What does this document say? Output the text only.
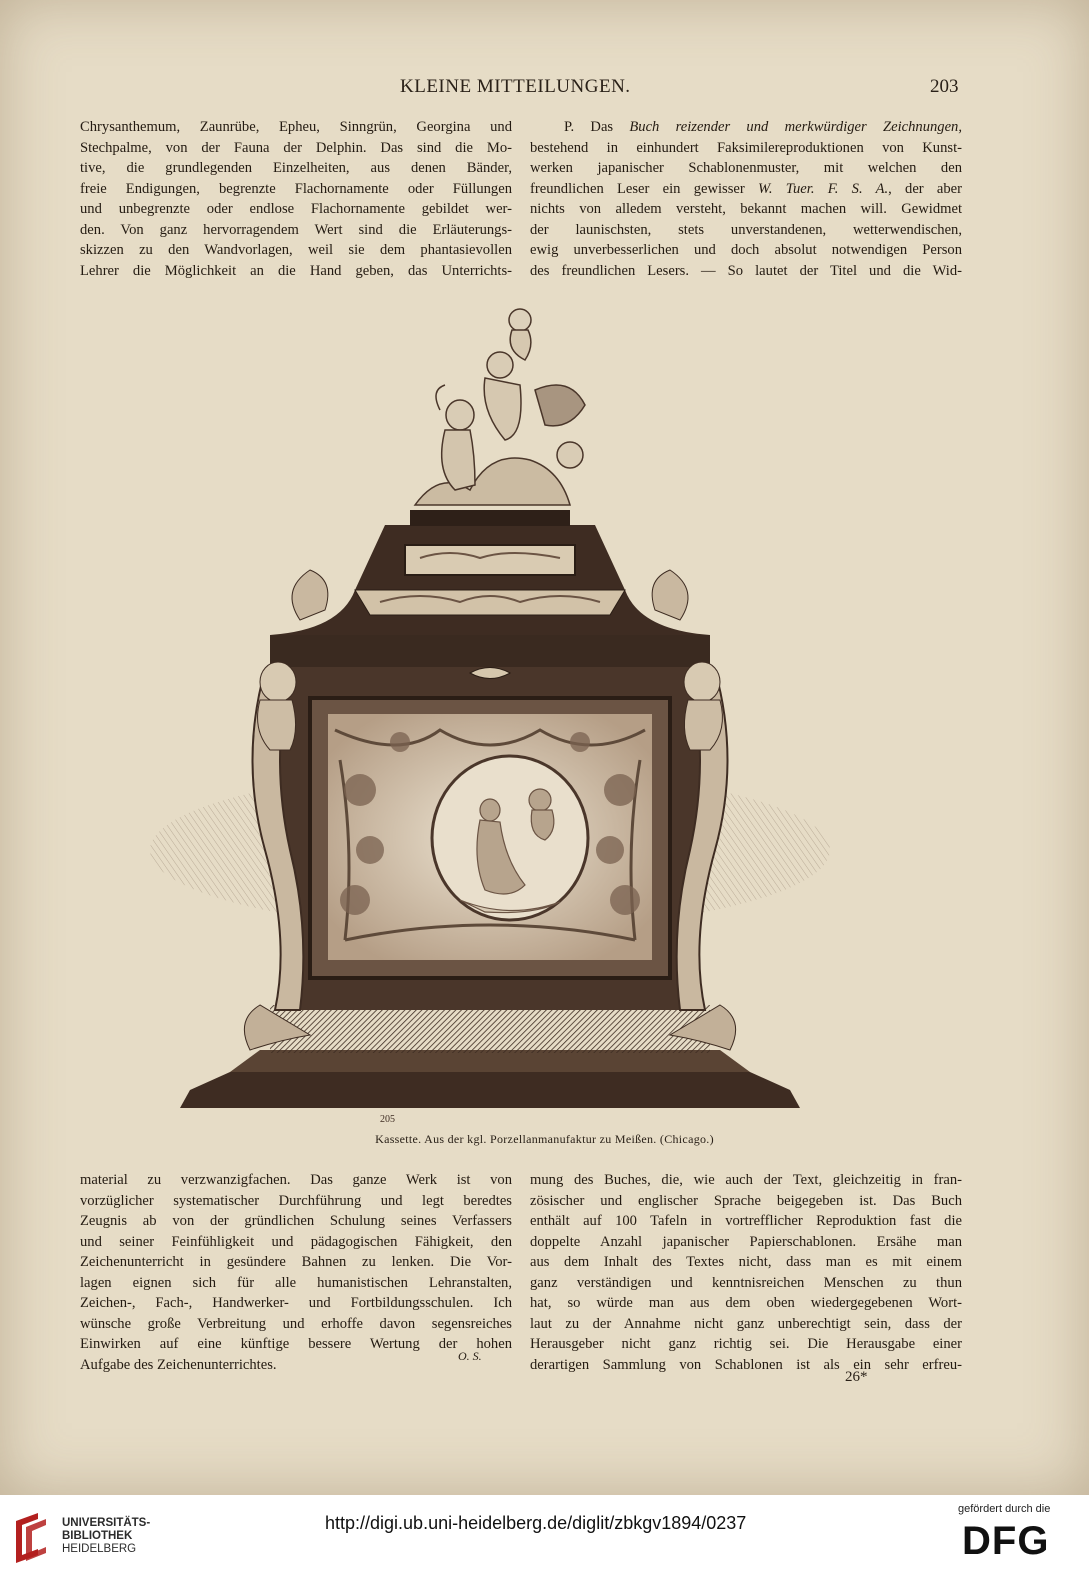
KLEINE MITTEILUNGEN.	203
Chrysanthemum, Zaunrübe, Epheu, Sinngrün, Georgina und
Stechpalme, von der Fauna der Delphin. Das sind die Mo-
tive, die grundlegenden Einzelheiten, aus denen Bänder,
freie Endigungen, begrenzte Flachornamente oder Füllungen
und unbegrenzte oder endlose Flachornamente gebildet wer-
den. Von ganz hervorragendem Wert sind die Erläuterungs-
skizzen zu den Wandvorlagen, weil sie dem phantasievollen
Lehrer die Möglichkeit an die Hand geben, das Unterrichts-
P. Das Buch reizender und merkwürdiger Zeichnungen,
bestehend in einhundert Faksimilereproduktionen von Kunst-
werken japanischer Schablonenmuster, mit welchen den
freundlichen Leser ein gewisser W. Tuer. F. S. A., der aber
nichts von alledem versteht, bekannt machen will. Gewidmet
der launischsten, stets unverstandenen, wetterwendischen,
ewig unverbesserlichen und doch absolut notwendigen Person
des freundlichen Lesers. — So lautet der Titel und die Wid-
205
Kassette. Aus der kgl. Porzellanmanufaktur zu Meißen. (Chicago.)
material zu verzwanzigfachen. Das ganze Werk ist von
vorzüglicher systematischer Durchführung und legt beredtes
Zeugnis ab von der gründlichen Schulung seines Verfassers
und seiner Feinfühligkeit und pädagogischen Fähigkeit, den
Zeichenunterricht in gesündere Bahnen zu lenken. Die Vor-
lagen eignen sich für alle humanistischen Lehranstalten,
Zeichen-, Fach-, Handwerker- und Fortbildungsschulen. Ich
wünsche große Verbreitung und erhoffe davon segensreiches
Einwirken auf eine künftige bessere Wertung der hohen
Aufgabe des Zeichenunterrichtes.
O. S.
mung des Buches, die, wie auch der Text, gleichzeitig in fran-
zösischer und englischer Sprache beigegeben ist. Das Buch
enthält auf 100 Tafeln in vortrefflicher Reproduktion fast die
doppelte Anzahl japanischer Papierschablonen. Ersähe man
aus dem Inhalt des Textes nicht, dass man es mit einem
ganz verständigen und kenntnisreichen Menschen zu thun
hat, so würde man aus dem oben wiedergegebenen Wort-
laut zu der Annahme nicht ganz unberechtigt sein, dass der
Herausgeber nicht ganz richtig sei. Die Herausgabe einer
derartigen Sammlung von Schablonen ist als ein sehr erfreu-
26*
UNIVERSITÄTS-
BIBLIOTHEK
HEIDELBERG
http://digi.ub.uni-heidelberg.de/diglit/zbkgv1894/0237
gefördert durch die
DFG
